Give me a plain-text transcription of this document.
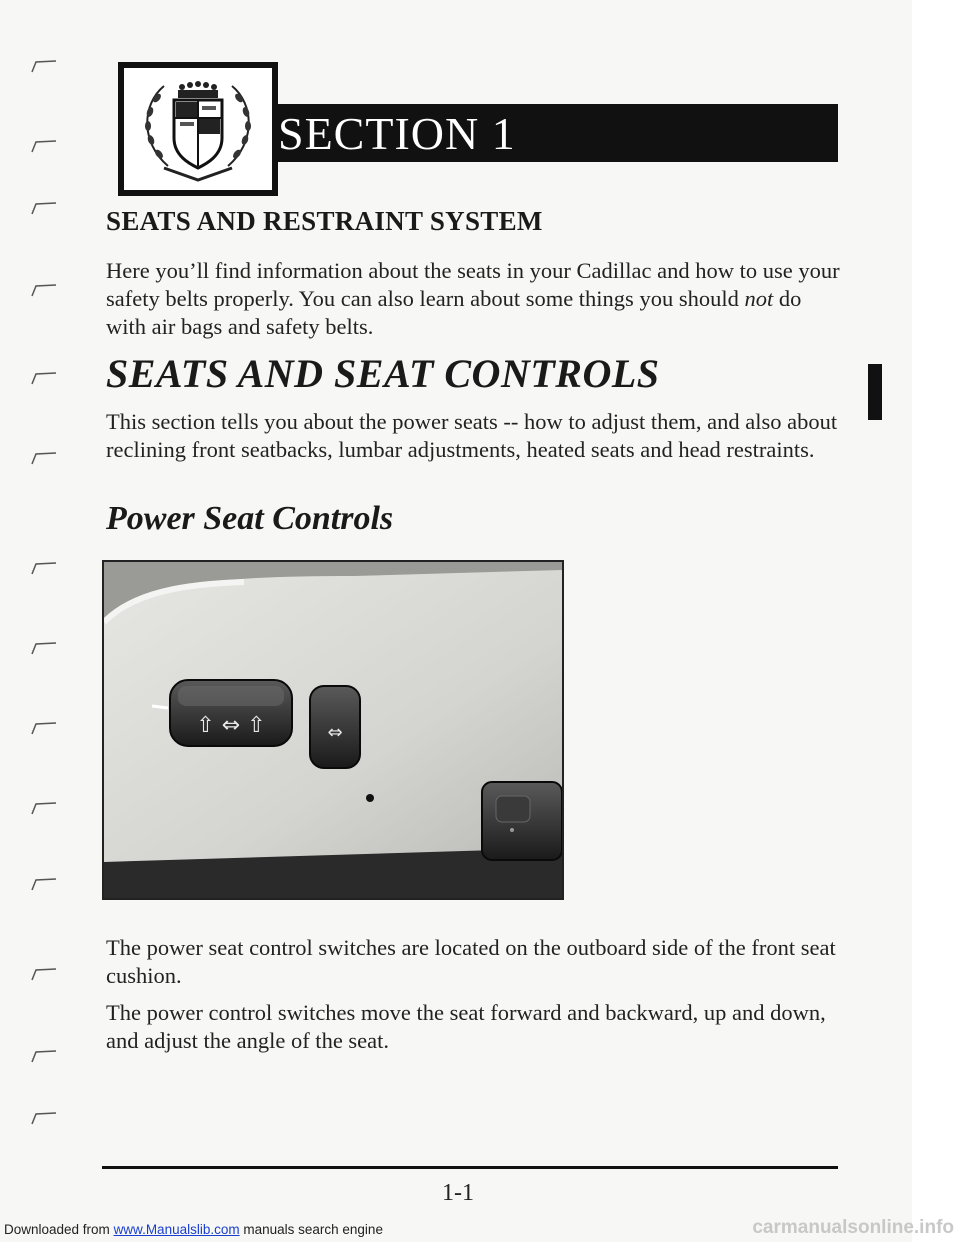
SECTION 1
SEATS AND RESTRAINT SYSTEM

Here you’ll find information about the seats in your Cadillac and how to use your safety belts properly. You can also learn about some things you should not do with air bags and safety belts.

SEATS AND SEAT CONTROLS

This section tells you about the power seats -- how to adjust them, and also about reclining front seatbacks, lumbar adjustments, heated seats and head restraints.

Power Seat Controls
⇧ ⇔ ⇧	⇔

The power seat control switches are located on the outboard side of the front seat cushion.

The power control switches move the seat forward and backward, up and down, and adjust the angle of the seat.

1-1

Downloaded from www.Manualslib.com manuals search engine	carmanualsonline.info
